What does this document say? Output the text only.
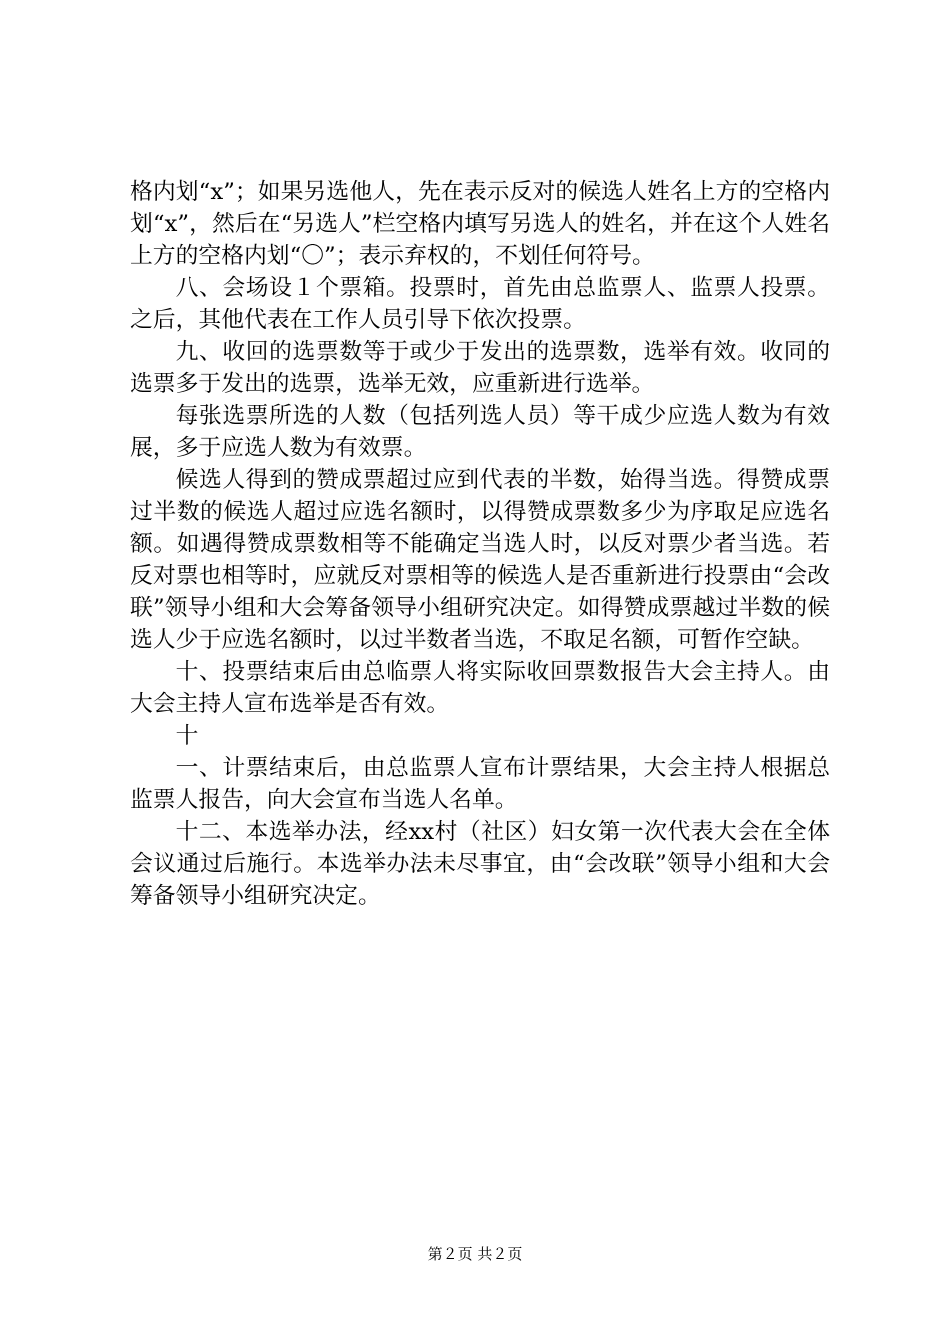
格内划“x”；如果另选他人，先在表示反对的候选人姓名上方的空格内划“x”，然后在“另选人”栏空格内填写另选人的姓名，并在这个人姓名上方的空格内划“〇”；表示弃权的，不划任何符号。

八、会场设１个票箱。投票时，首先由总监票人、监票人投票。之后，其他代表在工作人员引导下依次投票。

九、收回的选票数等于或少于发出的选票数，选举有效。收同的选票多于发出的选票，选举无效，应重新进行选举。

每张选票所选的人数（包括列选人员）等干成少应选人数为有效展，多于应选人数为有效票。

候选人得到的赞成票超过应到代表的半数，始得当选。得赞成票过半数的候选人超过应选名额时，以得赞成票数多少为序取足应选名额。如遇得赞成票数相等不能确定当选人时，以反对票少者当选。若反对票也相等时，应就反对票相等的候选人是否重新进行投票由“会改联”领导小组和大会筹备领导小组研究决定。如得赞成票越过半数的候选人少于应选名额时，以过半数者当选，不取足名额，可暂作空缺。

十、投票结束后由总临票人将实际收回票数报告大会主持人。由大会主持人宣布选举是否有效。

十

一、计票结束后，由总监票人宣布计票结果，大会主持人根据总监票人报告，向大会宣布当选人名单。

十二、本选举办法，经xx村（社区）妇女第一次代表大会在全体会议通过后施行。本选举办法未尽事宜，由“会改联”领导小组和大会筹备领导小组研究决定。

第２页 共２页
